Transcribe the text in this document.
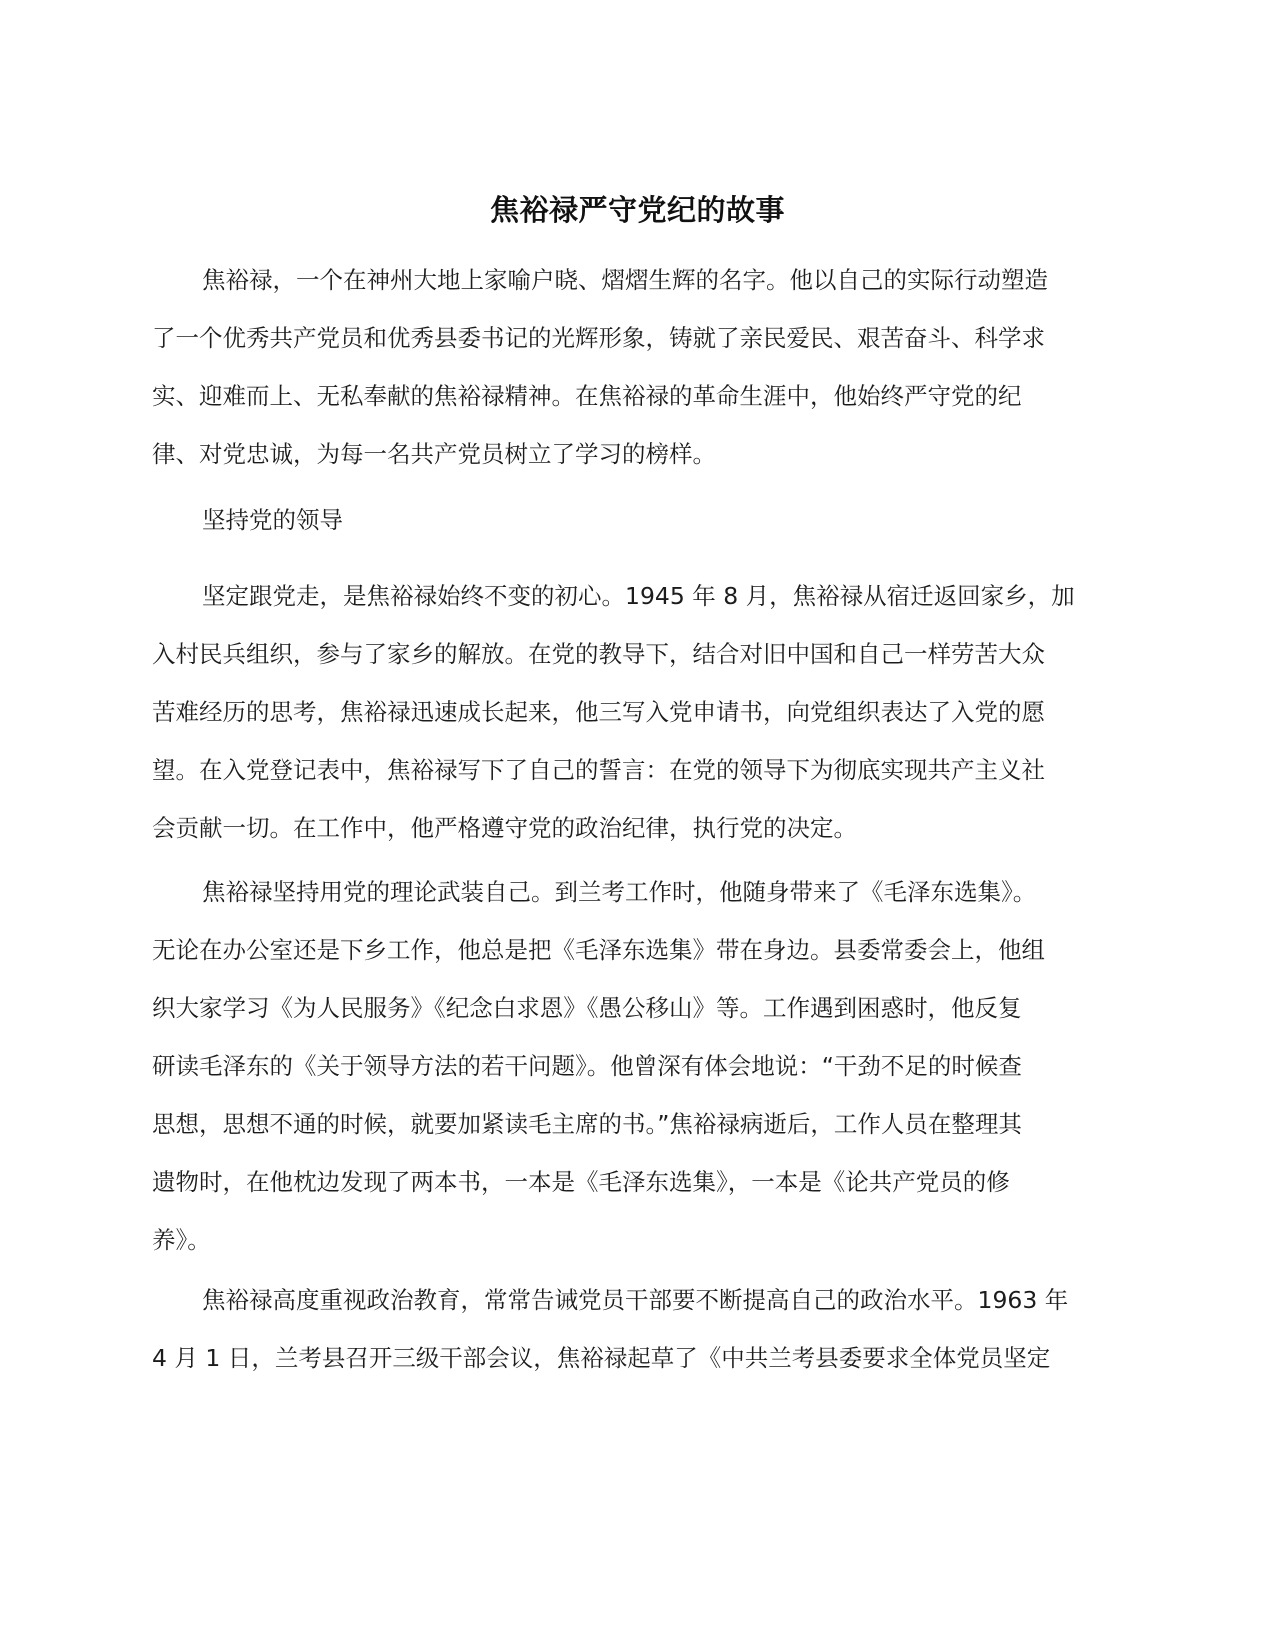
焦裕禄严守党纪的故事
焦裕禄，一个在神州大地上家喻户晓、熠熠生辉的名字。他以自己的实际行动塑造
了一个优秀共产党员和优秀县委书记的光辉形象，铸就了亲民爱民、艰苦奋斗、科学求
实、迎难而上、无私奉献的焦裕禄精神。在焦裕禄的革命生涯中，他始终严守党的纪
律、对党忠诚，为每一名共产党员树立了学习的榜样。
坚持党的领导
坚定跟党走，是焦裕禄始终不变的初心。1945 年 8 月，焦裕禄从宿迁返回家乡，加
入村民兵组织，参与了家乡的解放。在党的教导下，结合对旧中国和自己一样劳苦大众
苦难经历的思考，焦裕禄迅速成长起来，他三写入党申请书，向党组织表达了入党的愿
望。在入党登记表中，焦裕禄写下了自己的誓言：在党的领导下为彻底实现共产主义社
会贡献一切。在工作中，他严格遵守党的政治纪律，执行党的决定。
焦裕禄坚持用党的理论武装自己。到兰考工作时，他随身带来了《毛泽东选集》。
无论在办公室还是下乡工作，他总是把《毛泽东选集》带在身边。县委常委会上，他组
织大家学习《为人民服务》《纪念白求恩》《愚公移山》等。工作遇到困惑时，他反复
研读毛泽东的《关于领导方法的若干问题》。他曾深有体会地说：“干劲不足的时候查
思想，思想不通的时候，就要加紧读毛主席的书。”焦裕禄病逝后，工作人员在整理其
遗物时，在他枕边发现了两本书，一本是《毛泽东选集》，一本是《论共产党员的修
养》。
焦裕禄高度重视政治教育，常常告诫党员干部要不断提高自己的政治水平。1963 年
4 月 1 日，兰考县召开三级干部会议，焦裕禄起草了《中共兰考县委要求全体党员坚定
